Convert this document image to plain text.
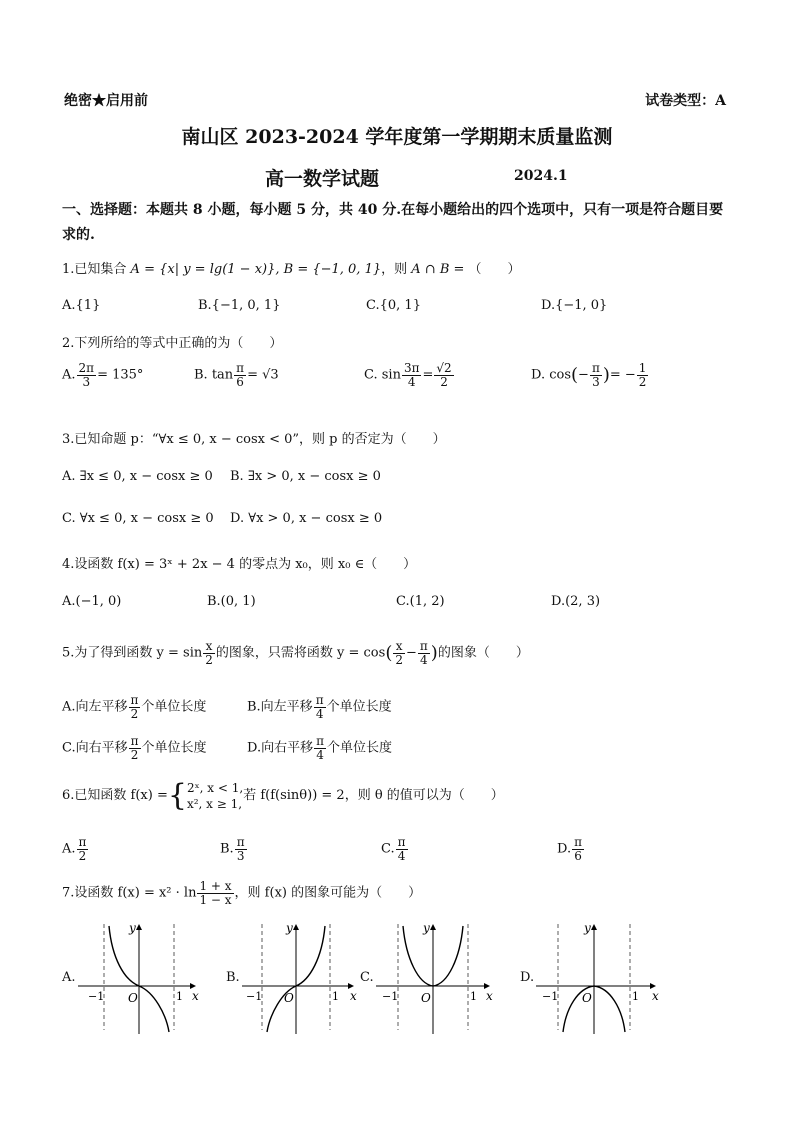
绝密★启用前	试卷类型：A
南山区 2023-2024 学年度第一学期期末质量监测
高一数学试题	2024.1
一、选择题：本题共 8 小题，每小题 5 分，共 40 分.在每小题给出的四个选项中，只有一项是符合题目要求的.
1.已知集合 A = {x| y = lg(1 − x)}, B = {−1, 0, 1}，则 A ∩ B = （　　）
A.{1}	B.{−1, 0, 1}	C.{0, 1}	D.{−1, 0}
2.下列所给的等式中正确的为（　　）
A. $\frac{2\pi}{3} = 135^\circ$	B. $\tan \frac{\pi}{6} = √3$	C. $\sin \frac{3\pi}{4} = \frac{√2}{2}$	D. $\cos(- \frac{\pi}{3}$ )= − $\frac{1}{2}$
3.已知命题 p：“∀x ≤ 0, x − cosx < 0”，则 p 的否定为（　　）
A. ∃x ≤ 0, x − cosx ≥ 0 B. ∃x > 0, x − cosx ≥ 0
C. ∀x ≤ 0, x − cosx ≥ 0 D. ∀x > 0, x − cosx ≥ 0
4.设函数 f(x) = 3ˣ + 2x − 4 的零点为 x₀，则 x₀ ∈（　　）
A.(−1, 0)	B.(0, 1)	C.(1, 2)	D.(2, 3)
5.为了得到函数 $y = \sin \frac{x}{2}$ 的图象，只需将函数 $y = \cos( \frac{x}{2} - \frac{\pi}{4}$ )的图象（　　）
A.向左平移 $\frac{\pi}{2}$ 个单位长度	B.向左平移 $\frac{\pi}{4}$ 个单位长度
C.向右平移 $\frac{\pi}{2}$ 个单位长度	D.向右平移 $\frac{\pi}{4}$ 个单位长度
6.已知函数 f(x) ={ 2ˣ, x < 1,
x², x ≥ 1,
若 f(f(sinθ)) = 2，则 θ 的值可以为（　　）
A. $\frac{\pi}{2}$	B. $\frac{\pi}{3}$	C. $\frac{\pi}{4}$	D. $\frac{\pi}{6}$
7.设函数 $f(x) = x^2 \cdot \ln \frac{1 + x}{1 - x}$ ，则 f(x) 的图象可能为（　　）
A.	B.	C.	D.
y
x
O
−1	1
y
x
O
−1	1
y
x
O
−1	1
y
x
O
−1	1
